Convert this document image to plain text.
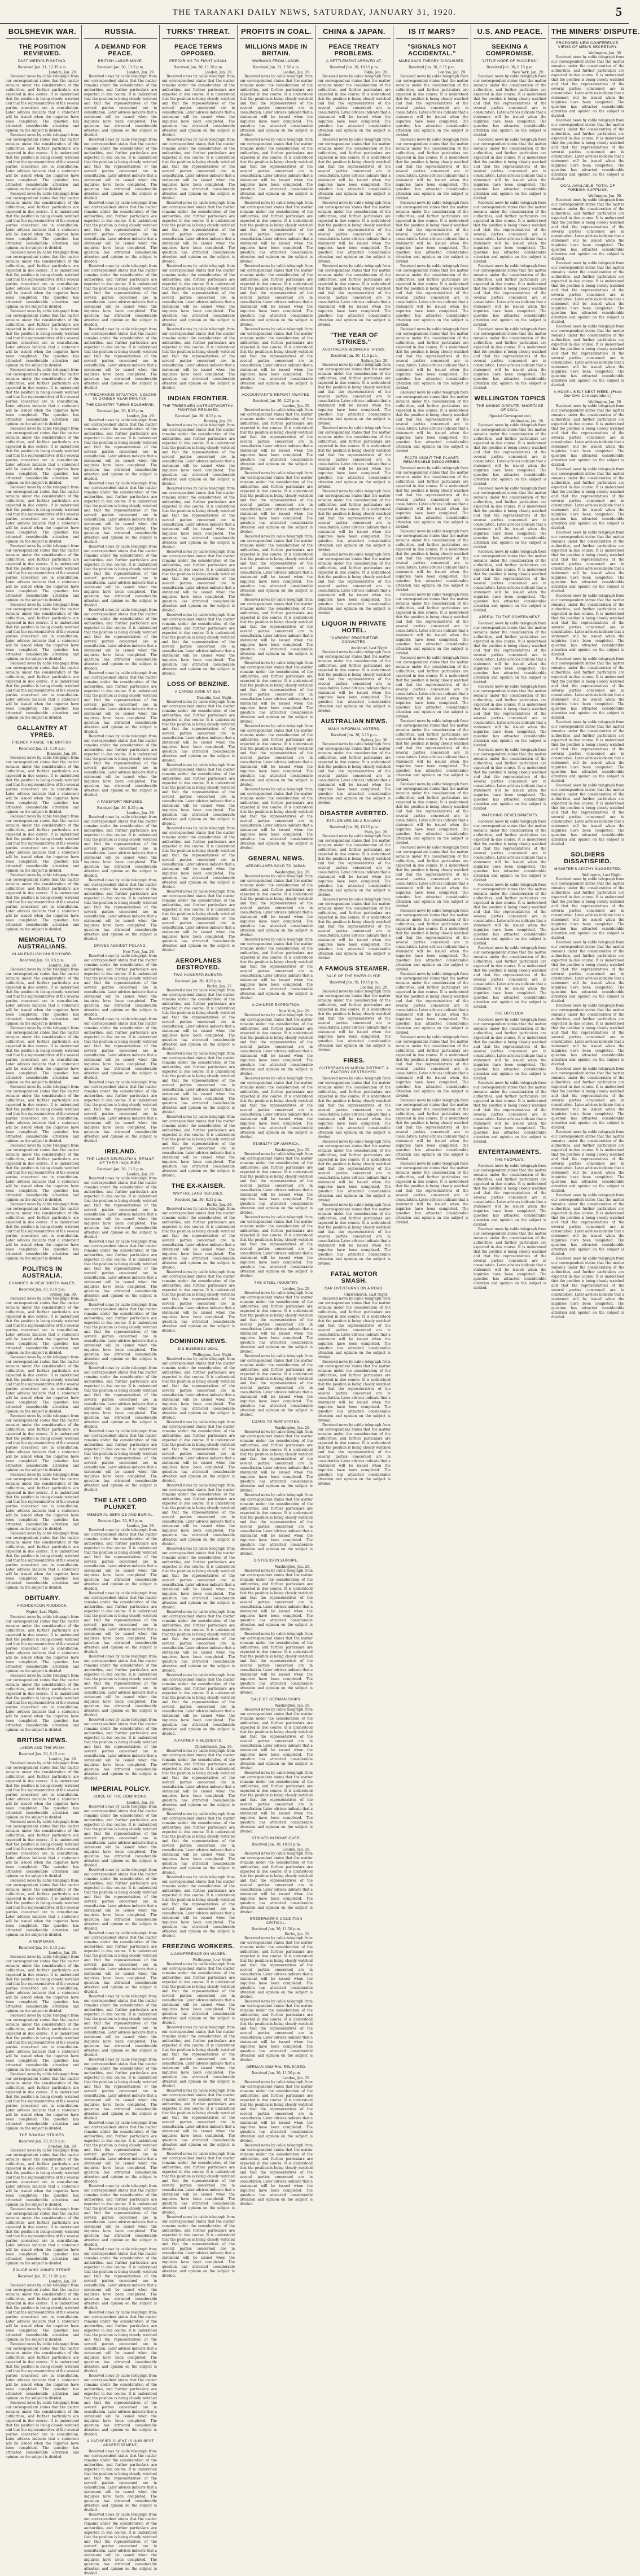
THE TARANAKI DAILY NEWS, SATURDAY, JANUARY 31, 1920.	5
BOLSHEVIK WAR.
THE POSITION REVIEWED.
PAST WEEK'S FIGHTING.
Received Jan. 31, 12.35 a.m.
London, Jan. 29.

Received news by cable telegraph from our correspondent states that the matter remains under the consideration of the authorities, and further particulars are expected in due course. It is understood that the position is being closely watched and that the representatives of the several parties concerned are in consultation. Later advices indicate that a statement will be issued when the inquiries have been completed. The question has attracted considerable attention and opinion on the subject is divided.

Received news by cable telegraph from our correspondent states that the matter remains under the consideration of the authorities, and further particulars are expected in due course. It is understood that the position is being closely watched and that the representatives of the several parties concerned are in consultation. Later advices indicate that a statement will be issued when the inquiries have been completed. The question has attracted considerable attention and opinion on the subject is divided.

Received news by cable telegraph from our correspondent states that the matter remains under the consideration of the authorities, and further particulars are expected in due course. It is understood that the position is being closely watched and that the representatives of the several parties concerned are in consultation. Later advices indicate that a statement will be issued when the inquiries have been completed. The question has attracted considerable attention and opinion on the subject is divided.

Received news by cable telegraph from our correspondent states that the matter remains under the consideration of the authorities, and further particulars are expected in due course. It is understood that the position is being closely watched and that the representatives of the several parties concerned are in consultation. Later advices indicate that a statement will be issued when the inquiries have been completed. The question has attracted considerable attention and opinion on the subject is divided.

Received news by cable telegraph from our correspondent states that the matter remains under the consideration of the authorities, and further particulars are expected in due course. It is understood that the position is being closely watched and that the representatives of the several parties concerned are in consultation. Later advices indicate that a statement will be issued when the inquiries have been completed. The question has attracted considerable attention and opinion on the subject is divided.

Received news by cable telegraph from our correspondent states that the matter remains under the consideration of the authorities, and further particulars are expected in due course. It is understood that the position is being closely watched and that the representatives of the several parties concerned are in consultation. Later advices indicate that a statement will be issued when the inquiries have been completed. The question has attracted considerable attention and opinion on the subject is divided.

Received news by cable telegraph from our correspondent states that the matter remains under the consideration of the authorities, and further particulars are expected in due course. It is understood that the position is being closely watched and that the representatives of the several parties concerned are in consultation. Later advices indicate that a statement will be issued when the inquiries have been completed. The question has attracted considerable attention and opinion on the subject is divided.

Received news by cable telegraph from our correspondent states that the matter remains under the consideration of the authorities, and further particulars are expected in due course. It is understood that the position is being closely watched and that the representatives of the several parties concerned are in consultation. Later advices indicate that a statement will be issued when the inquiries have been completed. The question has attracted considerable attention and opinion on the subject is divided.

Received news by cable telegraph from our correspondent states that the matter remains under the consideration of the authorities, and further particulars are expected in due course. It is understood that the position is being closely watched and that the representatives of the several parties concerned are in consultation. Later advices indicate that a statement will be issued when the inquiries have been completed. The question has attracted considerable attention and opinion on the subject is divided.

Received news by cable telegraph from our correspondent states that the matter remains under the consideration of the authorities, and further particulars are expected in due course. It is understood that the position is being closely watched and that the representatives of the several parties concerned are in consultation. Later advices indicate that a statement will be issued when the inquiries have been completed. The question has attracted considerable attention and opinion on the subject is divided.

Received news by cable telegraph from our correspondent states that the matter remains under the consideration of the authorities, and further particulars are expected in due course. It is understood that the position is being closely watched and that the representatives of the several parties concerned are in consultation. Later advices indicate that a statement will be issued when the inquiries have been completed. The question has attracted considerable attention and opinion on the subject is divided.

GALLANTRY AT YPRES.
FRENCH PRAISE THE BRITISH.
Received Jan. 31, 1.10 a.m.
Brussels, Jan. 29.

Received news by cable telegraph from our correspondent states that the matter remains under the consideration of the authorities, and further particulars are expected in due course. It is understood that the position is being closely watched and that the representatives of the several parties concerned are in consultation. Later advices indicate that a statement will be issued when the inquiries have been completed. The question has attracted considerable attention and opinion on the subject is divided.

Received news by cable telegraph from our correspondent states that the matter remains under the consideration of the authorities, and further particulars are expected in due course. It is understood that the position is being closely watched and that the representatives of the several parties concerned are in consultation. Later advices indicate that a statement will be issued when the inquiries have been completed. The question has attracted considerable attention and opinion on the subject is divided.

Received news by cable telegraph from our correspondent states that the matter remains under the consideration of the authorities, and further particulars are expected in due course. It is understood that the position is being closely watched and that the representatives of the several parties concerned are in consultation. Later advices indicate that a statement will be issued when the inquiries have been completed. The question has attracted considerable attention and opinion on the subject is divided.

MEMORIAL TO AUSTRALIANS.
IN AN ENGLISH CHURCHYARD.
Received Jan. 30, 9.5 p.m.
London, Jan. 29.

Received news by cable telegraph from our correspondent states that the matter remains under the consideration of the authorities, and further particulars are expected in due course. It is understood that the position is being closely watched and that the representatives of the several parties concerned are in consultation. Later advices indicate that a statement will be issued when the inquiries have been completed. The question has attracted considerable attention and opinion on the subject is divided.

Received news by cable telegraph from our correspondent states that the matter remains under the consideration of the authorities, and further particulars are expected in due course. It is understood that the position is being closely watched and that the representatives of the several parties concerned are in consultation. Later advices indicate that a statement will be issued when the inquiries have been completed. The question has attracted considerable attention and opinion on the subject is divided.

Received news by cable telegraph from our correspondent states that the matter remains under the consideration of the authorities, and further particulars are expected in due course. It is understood that the position is being closely watched and that the representatives of the several parties concerned are in consultation. Later advices indicate that a statement will be issued when the inquiries have been completed. The question has attracted considerable attention and opinion on the subject is divided.

Received news by cable telegraph from our correspondent states that the matter remains under the consideration of the authorities, and further particulars are expected in due course. It is understood that the position is being closely watched and that the representatives of the several parties concerned are in consultation. Later advices indicate that a statement will be issued when the inquiries have been completed. The question has attracted considerable attention and opinion on the subject is divided.

Received news by cable telegraph from our correspondent states that the matter remains under the consideration of the authorities, and further particulars are expected in due course. It is understood that the position is being closely watched and that the representatives of the several parties concerned are in consultation. Later advices indicate that a statement will be issued when the inquiries have been completed. The question has attracted considerable attention and opinion on the subject is divided.

POLITICS IN AUSTRALIA.
CHANGES IN NEW SOUTH WALES.
Received Jan. 30, 8.15 p.m.
Sydney, Jan. 30.

Received news by cable telegraph from our correspondent states that the matter remains under the consideration of the authorities, and further particulars are expected in due course. It is understood that the position is being closely watched and that the representatives of the several parties concerned are in consultation. Later advices indicate that a statement will be issued when the inquiries have been completed. The question has attracted considerable attention and opinion on the subject is divided.

Received news by cable telegraph from our correspondent states that the matter remains under the consideration of the authorities, and further particulars are expected in due course. It is understood that the position is being closely watched and that the representatives of the several parties concerned are in consultation. Later advices indicate that a statement will be issued when the inquiries have been completed. The question has attracted considerable attention and opinion on the subject is divided.

Received news by cable telegraph from our correspondent states that the matter remains under the consideration of the authorities, and further particulars are expected in due course. It is understood that the position is being closely watched and that the representatives of the several parties concerned are in consultation. Later advices indicate that a statement will be issued when the inquiries have been completed. The question has attracted considerable attention and opinion on the subject is divided.

Received news by cable telegraph from our correspondent states that the matter remains under the consideration of the authorities, and further particulars are expected in due course. It is understood that the position is being closely watched and that the representatives of the several parties concerned are in consultation. Later advices indicate that a statement will be issued when the inquiries have been completed. The question has attracted considerable attention and opinion on the subject is divided.

Received news by cable telegraph from our correspondent states that the matter remains under the consideration of the authorities, and further particulars are expected in due course. It is understood that the position is being closely watched and that the representatives of the several parties concerned are in consultation. Later advices indicate that a statement will be issued when the inquiries have been completed. The question has attracted considerable attention and opinion on the subject is divided.

OBITUARY.
ARCHDEACON RUDDOCK.
Napier, Last Night.

Received news by cable telegraph from our correspondent states that the matter remains under the consideration of the authorities, and further particulars are expected in due course. It is understood that the position is being closely watched and that the representatives of the several parties concerned are in consultation. Later advices indicate that a statement will be issued when the inquiries have been completed. The question has attracted considerable attention and opinion on the subject is divided.

Received news by cable telegraph from our correspondent states that the matter remains under the consideration of the authorities, and further particulars are expected in due course. It is understood that the position is being closely watched and that the representatives of the several parties concerned are in consultation. Later advices indicate that a statement will be issued when the inquiries have been completed. The question has attracted considerable attention and opinion on the subject is divided.

BRITISH NEWS.
LABOR AND THE IRISH.
Received Jan. 30, 8.15 p.m.
London, Jan. 29.

Received news by cable telegraph from our correspondent states that the matter remains under the consideration of the authorities, and further particulars are expected in due course. It is understood that the position is being closely watched and that the representatives of the several parties concerned are in consultation. Later advices indicate that a statement will be issued when the inquiries have been completed. The question has attracted considerable attention and opinion on the subject is divided.

Received news by cable telegraph from our correspondent states that the matter remains under the consideration of the authorities, and further particulars are expected in due course. It is understood that the position is being closely watched and that the representatives of the several parties concerned are in consultation. Later advices indicate that a statement will be issued when the inquiries have been completed. The question has attracted considerable attention and opinion on the subject is divided.

Received news by cable telegraph from our correspondent states that the matter remains under the consideration of the authorities, and further particulars are expected in due course. It is understood that the position is being closely watched and that the representatives of the several parties concerned are in consultation. Later advices indicate that a statement will be issued when the inquiries have been completed. The question has attracted considerable attention and opinion on the subject is divided.

A NEW BANK.
Received Jan. 30, 8.15 p.m.
London, Jan. 29.

Received news by cable telegraph from our correspondent states that the matter remains under the consideration of the authorities, and further particulars are expected in due course. It is understood that the position is being closely watched and that the representatives of the several parties concerned are in consultation. Later advices indicate that a statement will be issued when the inquiries have been completed. The question has attracted considerable attention and opinion on the subject is divided.

Received news by cable telegraph from our correspondent states that the matter remains under the consideration of the authorities, and further particulars are expected in due course. It is understood that the position is being closely watched and that the representatives of the several parties concerned are in consultation. Later advices indicate that a statement will be issued when the inquiries have been completed. The question has attracted considerable attention and opinion on the subject is divided.

Received news by cable telegraph from our correspondent states that the matter remains under the consideration of the authorities, and further particulars are expected in due course. It is understood that the position is being closely watched and that the representatives of the several parties concerned are in consultation. Later advices indicate that a statement will be issued when the inquiries have been completed. The question has attracted considerable attention and opinion on the subject is divided.

THE BOMBAY STRIKES.
Received Jan. 30, 8.15 p.m.
Bombay, Jan. 29.

Received news by cable telegraph from our correspondent states that the matter remains under the consideration of the authorities, and further particulars are expected in due course. It is understood that the position is being closely watched and that the representatives of the several parties concerned are in consultation. Later advices indicate that a statement will be issued when the inquiries have been completed. The question has attracted considerable attention and opinion on the subject is divided.

Received news by cable telegraph from our correspondent states that the matter remains under the consideration of the authorities, and further particulars are expected in due course. It is understood that the position is being closely watched and that the representatives of the several parties concerned are in consultation. Later advices indicate that a statement will be issued when the inquiries have been completed. The question has attracted considerable attention and opinion on the subject is divided.

POLICE WHO JOINED STRIKE.
Received Jan. 30, 11.50 p.m.
London, Jan. 29.

Received news by cable telegraph from our correspondent states that the matter remains under the consideration of the authorities, and further particulars are expected in due course. It is understood that the position is being closely watched and that the representatives of the several parties concerned are in consultation. Later advices indicate that a statement will be issued when the inquiries have been completed. The question has attracted considerable attention and opinion on the subject is divided.

Received news by cable telegraph from our correspondent states that the matter remains under the consideration of the authorities, and further particulars are expected in due course. It is understood that the position is being closely watched and that the representatives of the several parties concerned are in consultation. Later advices indicate that a statement will be issued when the inquiries have been completed. The question has attracted considerable attention and opinion on the subject is divided.

Received news by cable telegraph from our correspondent states that the matter remains under the consideration of the authorities, and further particulars are expected in due course. It is understood that the position is being closely watched and that the representatives of the several parties concerned are in consultation. Later advices indicate that a statement will be issued when the inquiries have been completed. The question has attracted considerable attention and opinion on the subject is divided.

RUSSIA.
A DEMAND FOR PEACE.
BRITISH LABOR MOVE.
Received Jan. 30, 11.5 p.m.
London, Jan. 29.

Received news by cable telegraph from our correspondent states that the matter remains under the consideration of the authorities, and further particulars are expected in due course. It is understood that the position is being closely watched and that the representatives of the several parties concerned are in consultation. Later advices indicate that a statement will be issued when the inquiries have been completed. The question has attracted considerable attention and opinion on the subject is divided.

Received news by cable telegraph from our correspondent states that the matter remains under the consideration of the authorities, and further particulars are expected in due course. It is understood that the position is being closely watched and that the representatives of the several parties concerned are in consultation. Later advices indicate that a statement will be issued when the inquiries have been completed. The question has attracted considerable attention and opinion on the subject is divided.

Received news by cable telegraph from our correspondent states that the matter remains under the consideration of the authorities, and further particulars are expected in due course. It is understood that the position is being closely watched and that the representatives of the several parties concerned are in consultation. Later advices indicate that a statement will be issued when the inquiries have been completed. The question has attracted considerable attention and opinion on the subject is divided.

Received news by cable telegraph from our correspondent states that the matter remains under the consideration of the authorities, and further particulars are expected in due course. It is understood that the position is being closely watched and that the representatives of the several parties concerned are in consultation. Later advices indicate that a statement will be issued when the inquiries have been completed. The question has attracted considerable attention and opinion on the subject is divided.

Received news by cable telegraph from our correspondent states that the matter remains under the consideration of the authorities, and further particulars are expected in due course. It is understood that the position is being closely watched and that the representatives of the several parties concerned are in consultation. Later advices indicate that a statement will be issued when the inquiries have been completed. The question has attracted considerable attention and opinion on the subject is divided.

A PRECARIOUS SITUATION. CZECHS IN DANGER NEAR IRKUTSK.
THE COUNTRY TURNS BOLSHEVIK.
Received Jan. 30, 8.15 p.m.
London, Jan. 29.

Received news by cable telegraph from our correspondent states that the matter remains under the consideration of the authorities, and further particulars are expected in due course. It is understood that the position is being closely watched and that the representatives of the several parties concerned are in consultation. Later advices indicate that a statement will be issued when the inquiries have been completed. The question has attracted considerable attention and opinion on the subject is divided.

Received news by cable telegraph from our correspondent states that the matter remains under the consideration of the authorities, and further particulars are expected in due course. It is understood that the position is being closely watched and that the representatives of the several parties concerned are in consultation. Later advices indicate that a statement will be issued when the inquiries have been completed. The question has attracted considerable attention and opinion on the subject is divided.

Received news by cable telegraph from our correspondent states that the matter remains under the consideration of the authorities, and further particulars are expected in due course. It is understood that the position is being closely watched and that the representatives of the several parties concerned are in consultation. Later advices indicate that a statement will be issued when the inquiries have been completed. The question has attracted considerable attention and opinion on the subject is divided.

Received news by cable telegraph from our correspondent states that the matter remains under the consideration of the authorities, and further particulars are expected in due course. It is understood that the position is being closely watched and that the representatives of the several parties concerned are in consultation. Later advices indicate that a statement will be issued when the inquiries have been completed. The question has attracted considerable attention and opinion on the subject is divided.

Received news by cable telegraph from our correspondent states that the matter remains under the consideration of the authorities, and further particulars are expected in due course. It is understood that the position is being closely watched and that the representatives of the several parties concerned are in consultation. Later advices indicate that a statement will be issued when the inquiries have been completed. The question has attracted considerable attention and opinion on the subject is divided.

Received news by cable telegraph from our correspondent states that the matter remains under the consideration of the authorities, and further particulars are expected in due course. It is understood that the position is being closely watched and that the representatives of the several parties concerned are in consultation. Later advices indicate that a statement will be issued when the inquiries have been completed. The question has attracted considerable attention and opinion on the subject is divided.

A PASSPORT REFUSED.
Received Jan. 30, 8.15 p.m.
London, Jan. 29.

Received news by cable telegraph from our correspondent states that the matter remains under the consideration of the authorities, and further particulars are expected in due course. It is understood that the position is being closely watched and that the representatives of the several parties concerned are in consultation. Later advices indicate that a statement will be issued when the inquiries have been completed. The question has attracted considerable attention and opinion on the subject is divided.

Received news by cable telegraph from our correspondent states that the matter remains under the consideration of the authorities, and further particulars are expected in due course. It is understood that the position is being closely watched and that the representatives of the several parties concerned are in consultation. Later advices indicate that a statement will be issued when the inquiries have been completed. The question has attracted considerable attention and opinion on the subject is divided.

DRIVES AGAINST POLAND.
New York, Jan. 29.

Received news by cable telegraph from our correspondent states that the matter remains under the consideration of the authorities, and further particulars are expected in due course. It is understood that the position is being closely watched and that the representatives of the several parties concerned are in consultation. Later advices indicate that a statement will be issued when the inquiries have been completed. The question has attracted considerable attention and opinion on the subject is divided.

Received news by cable telegraph from our correspondent states that the matter remains under the consideration of the authorities, and further particulars are expected in due course. It is understood that the position is being closely watched and that the representatives of the several parties concerned are in consultation. Later advices indicate that a statement will be issued when the inquiries have been completed. The question has attracted considerable attention and opinion on the subject is divided.

Received news by cable telegraph from our correspondent states that the matter remains under the consideration of the authorities, and further particulars are expected in due course. It is understood that the position is being closely watched and that the representatives of the several parties concerned are in consultation. Later advices indicate that a statement will be issued when the inquiries have been completed. The question has attracted considerable attention and opinion on the subject is divided.

IRELAND.
THE LABOR DELEGATION. RESULT OF THEIR INQUIRIES.
Received Jan. 30, 11.5 p.m.
London, Jan. 29.

Received news by cable telegraph from our correspondent states that the matter remains under the consideration of the authorities, and further particulars are expected in due course. It is understood that the position is being closely watched and that the representatives of the several parties concerned are in consultation. Later advices indicate that a statement will be issued when the inquiries have been completed. The question has attracted considerable attention and opinion on the subject is divided.

Received news by cable telegraph from our correspondent states that the matter remains under the consideration of the authorities, and further particulars are expected in due course. It is understood that the position is being closely watched and that the representatives of the several parties concerned are in consultation. Later advices indicate that a statement will be issued when the inquiries have been completed. The question has attracted considerable attention and opinion on the subject is divided.

Received news by cable telegraph from our correspondent states that the matter remains under the consideration of the authorities, and further particulars are expected in due course. It is understood that the position is being closely watched and that the representatives of the several parties concerned are in consultation. Later advices indicate that a statement will be issued when the inquiries have been completed. The question has attracted considerable attention and opinion on the subject is divided.

Received news by cable telegraph from our correspondent states that the matter remains under the consideration of the authorities, and further particulars are expected in due course. It is understood that the position is being closely watched and that the representatives of the several parties concerned are in consultation. Later advices indicate that a statement will be issued when the inquiries have been completed. The question has attracted considerable attention and opinion on the subject is divided.

Received news by cable telegraph from our correspondent states that the matter remains under the consideration of the authorities, and further particulars are expected in due course. It is understood that the position is being closely watched and that the representatives of the several parties concerned are in consultation. Later advices indicate that a statement will be issued when the inquiries have been completed. The question has attracted considerable attention and opinion on the subject is divided.

THE LATE LORD PLUNKET.
MEMORIAL SERVICE AND BURIAL.
Received Jan. 30, 9.5 p.m.
London, Jan. 29.

Received news by cable telegraph from our correspondent states that the matter remains under the consideration of the authorities, and further particulars are expected in due course. It is understood that the position is being closely watched and that the representatives of the several parties concerned are in consultation. Later advices indicate that a statement will be issued when the inquiries have been completed. The question has attracted considerable attention and opinion on the subject is divided.

Received news by cable telegraph from our correspondent states that the matter remains under the consideration of the authorities, and further particulars are expected in due course. It is understood that the position is being closely watched and that the representatives of the several parties concerned are in consultation. Later advices indicate that a statement will be issued when the inquiries have been completed. The question has attracted considerable attention and opinion on the subject is divided.

Received news by cable telegraph from our correspondent states that the matter remains under the consideration of the authorities, and further particulars are expected in due course. It is understood that the position is being closely watched and that the representatives of the several parties concerned are in consultation. Later advices indicate that a statement will be issued when the inquiries have been completed. The question has attracted considerable attention and opinion on the subject is divided.

Received news by cable telegraph from our correspondent states that the matter remains under the consideration of the authorities, and further particulars are expected in due course. It is understood that the position is being closely watched and that the representatives of the several parties concerned are in consultation. Later advices indicate that a statement will be issued when the inquiries have been completed. The question has attracted considerable attention and opinion on the subject is divided.

IMPERIAL POLICY.
VOICE OF THE DOMINIONS.
London, Jan. 29.

Received news by cable telegraph from our correspondent states that the matter remains under the consideration of the authorities, and further particulars are expected in due course. It is understood that the position is being closely watched and that the representatives of the several parties concerned are in consultation. Later advices indicate that a statement will be issued when the inquiries have been completed. The question has attracted considerable attention and opinion on the subject is divided.

Received news by cable telegraph from our correspondent states that the matter remains under the consideration of the authorities, and further particulars are expected in due course. It is understood that the position is being closely watched and that the representatives of the several parties concerned are in consultation. Later advices indicate that a statement will be issued when the inquiries have been completed. The question has attracted considerable attention and opinion on the subject is divided.

Received news by cable telegraph from our correspondent states that the matter remains under the consideration of the authorities, and further particulars are expected in due course. It is understood that the position is being closely watched and that the representatives of the several parties concerned are in consultation. Later advices indicate that a statement will be issued when the inquiries have been completed. The question has attracted considerable attention and opinion on the subject is divided.

Received news by cable telegraph from our correspondent states that the matter remains under the consideration of the authorities, and further particulars are expected in due course. It is understood that the position is being closely watched and that the representatives of the several parties concerned are in consultation. Later advices indicate that a statement will be issued when the inquiries have been completed. The question has attracted considerable attention and opinion on the subject is divided.

Received news by cable telegraph from our correspondent states that the matter remains under the consideration of the authorities, and further particulars are expected in due course. It is understood that the position is being closely watched and that the representatives of the several parties concerned are in consultation. Later advices indicate that a statement will be issued when the inquiries have been completed. The question has attracted considerable attention and opinion on the subject is divided.

Received news by cable telegraph from our correspondent states that the matter remains under the consideration of the authorities, and further particulars are expected in due course. It is understood that the position is being closely watched and that the representatives of the several parties concerned are in consultation. Later advices indicate that a statement will be issued when the inquiries have been completed. The question has attracted considerable attention and opinion on the subject is divided.

Received news by cable telegraph from our correspondent states that the matter remains under the consideration of the authorities, and further particulars are expected in due course. It is understood that the position is being closely watched and that the representatives of the several parties concerned are in consultation. Later advices indicate that a statement will be issued when the inquiries have been completed. The question has attracted considerable attention and opinion on the subject is divided.

Received news by cable telegraph from our correspondent states that the matter remains under the consideration of the authorities, and further particulars are expected in due course. It is understood that the position is being closely watched and that the representatives of the several parties concerned are in consultation. Later advices indicate that a statement will be issued when the inquiries have been completed. The question has attracted considerable attention and opinion on the subject is divided.

Received news by cable telegraph from our correspondent states that the matter remains under the consideration of the authorities, and further particulars are expected in due course. It is understood that the position is being closely watched and that the representatives of the several parties concerned are in consultation. Later advices indicate that a statement will be issued when the inquiries have been completed. The question has attracted considerable attention and opinion on the subject is divided.

Received news by cable telegraph from our correspondent states that the matter remains under the consideration of the authorities, and further particulars are expected in due course. It is understood that the position is being closely watched and that the representatives of the several parties concerned are in consultation. Later advices indicate that a statement will be issued when the inquiries have been completed. The question has attracted considerable attention and opinion on the subject is divided.

A SATISFIED CLIENT IS OUR BEST ADVERTISEMENT,

Received news by cable telegraph from our correspondent states that the matter remains under the consideration of the authorities, and further particulars are expected in due course. It is understood that the position is being closely watched and that the representatives of the several parties concerned are in consultation. Later advices indicate that a statement will be issued when the inquiries have been completed. The question has attracted considerable attention and opinion on the subject is divided.

Received news by cable telegraph from our correspondent states that the matter remains under the consideration of the authorities, and further particulars are expected in due course. It is understood that the position is being closely watched and that the representatives of the several parties concerned are in consultation. Later advices indicate that a statement will be issued when the inquiries have been completed. The question has attracted considerable attention and opinion on the subject is divided.

TURKS' THREAT.
PEACE TERMS OPPOSED.
PREPARING TO FIGHT AGAIN.
Received Jan. 30, 11.50 p.m.
London, Jan. 29.

Received news by cable telegraph from our correspondent states that the matter remains under the consideration of the authorities, and further particulars are expected in due course. It is understood that the position is being closely watched and that the representatives of the several parties concerned are in consultation. Later advices indicate that a statement will be issued when the inquiries have been completed. The question has attracted considerable attention and opinion on the subject is divided.

Received news by cable telegraph from our correspondent states that the matter remains under the consideration of the authorities, and further particulars are expected in due course. It is understood that the position is being closely watched and that the representatives of the several parties concerned are in consultation. Later advices indicate that a statement will be issued when the inquiries have been completed. The question has attracted considerable attention and opinion on the subject is divided.

Received news by cable telegraph from our correspondent states that the matter remains under the consideration of the authorities, and further particulars are expected in due course. It is understood that the position is being closely watched and that the representatives of the several parties concerned are in consultation. Later advices indicate that a statement will be issued when the inquiries have been completed. The question has attracted considerable attention and opinion on the subject is divided.

Received news by cable telegraph from our correspondent states that the matter remains under the consideration of the authorities, and further particulars are expected in due course. It is understood that the position is being closely watched and that the representatives of the several parties concerned are in consultation. Later advices indicate that a statement will be issued when the inquiries have been completed. The question has attracted considerable attention and opinion on the subject is divided.

Received news by cable telegraph from our correspondent states that the matter remains under the consideration of the authorities, and further particulars are expected in due course. It is understood that the position is being closely watched and that the representatives of the several parties concerned are in consultation. Later advices indicate that a statement will be issued when the inquiries have been completed. The question has attracted considerable attention and opinion on the subject is divided.

INDIAN FRONTIER.
THE TRIBESMEN UNTRUSTWORTHY. FIGHTING RESUMED.
Received Jan. 30, 8.15 p.m.
Bombay, Jan. 29.

Received news by cable telegraph from our correspondent states that the matter remains under the consideration of the authorities, and further particulars are expected in due course. It is understood that the position is being closely watched and that the representatives of the several parties concerned are in consultation. Later advices indicate that a statement will be issued when the inquiries have been completed. The question has attracted considerable attention and opinion on the subject is divided.

Received news by cable telegraph from our correspondent states that the matter remains under the consideration of the authorities, and further particulars are expected in due course. It is understood that the position is being closely watched and that the representatives of the several parties concerned are in consultation. Later advices indicate that a statement will be issued when the inquiries have been completed. The question has attracted considerable attention and opinion on the subject is divided.

Received news by cable telegraph from our correspondent states that the matter remains under the consideration of the authorities, and further particulars are expected in due course. It is understood that the position is being closely watched and that the representatives of the several parties concerned are in consultation. Later advices indicate that a statement will be issued when the inquiries have been completed. The question has attracted considerable attention and opinion on the subject is divided.

Received news by cable telegraph from our correspondent states that the matter remains under the consideration of the authorities, and further particulars are expected in due course. It is understood that the position is being closely watched and that the representatives of the several parties concerned are in consultation. Later advices indicate that a statement will be issued when the inquiries have been completed. The question has attracted considerable attention and opinion on the subject is divided.

LOSS OF BENZINE.
A CARGO SUNK AT SEA.
Dunedin, Last Night.

Received news by cable telegraph from our correspondent states that the matter remains under the consideration of the authorities, and further particulars are expected in due course. It is understood that the position is being closely watched and that the representatives of the several parties concerned are in consultation. Later advices indicate that a statement will be issued when the inquiries have been completed. The question has attracted considerable attention and opinion on the subject is divided.

Received news by cable telegraph from our correspondent states that the matter remains under the consideration of the authorities, and further particulars are expected in due course. It is understood that the position is being closely watched and that the representatives of the several parties concerned are in consultation. Later advices indicate that a statement will be issued when the inquiries have been completed. The question has attracted considerable attention and opinion on the subject is divided.

Received news by cable telegraph from our correspondent states that the matter remains under the consideration of the authorities, and further particulars are expected in due course. It is understood that the position is being closely watched and that the representatives of the several parties concerned are in consultation. Later advices indicate that a statement will be issued when the inquiries have been completed. The question has attracted considerable attention and opinion on the subject is divided.

Received news by cable telegraph from our correspondent states that the matter remains under the consideration of the authorities, and further particulars are expected in due course. It is understood that the position is being closely watched and that the representatives of the several parties concerned are in consultation. Later advices indicate that a statement will be issued when the inquiries have been completed. The question has attracted considerable attention and opinion on the subject is divided.

AEROPLANES DESTROYED.
TWO HUNDRED BURNED.
Received Jan. 30, 8.15 p.m.
Berlin, Jan. 27.

Received news by cable telegraph from our correspondent states that the matter remains under the consideration of the authorities, and further particulars are expected in due course. It is understood that the position is being closely watched and that the representatives of the several parties concerned are in consultation. Later advices indicate that a statement will be issued when the inquiries have been completed. The question has attracted considerable attention and opinion on the subject is divided.

Received news by cable telegraph from our correspondent states that the matter remains under the consideration of the authorities, and further particulars are expected in due course. It is understood that the position is being closely watched and that the representatives of the several parties concerned are in consultation. Later advices indicate that a statement will be issued when the inquiries have been completed. The question has attracted considerable attention and opinion on the subject is divided.

Received news by cable telegraph from our correspondent states that the matter remains under the consideration of the authorities, and further particulars are expected in due course. It is understood that the position is being closely watched and that the representatives of the several parties concerned are in consultation. Later advices indicate that a statement will be issued when the inquiries have been completed. The question has attracted considerable attention and opinion on the subject is divided.

THE EX-KAISER.
WHY HOLLAND REFUSES.
Received Jan. 30, 8.15 p.m.
Berlin, Jan. 29.

Received news by cable telegraph from our correspondent states that the matter remains under the consideration of the authorities, and further particulars are expected in due course. It is understood that the position is being closely watched and that the representatives of the several parties concerned are in consultation. Later advices indicate that a statement will be issued when the inquiries have been completed. The question has attracted considerable attention and opinion on the subject is divided.

Received news by cable telegraph from our correspondent states that the matter remains under the consideration of the authorities, and further particulars are expected in due course. It is understood that the position is being closely watched and that the representatives of the several parties concerned are in consultation. Later advices indicate that a statement will be issued when the inquiries have been completed. The question has attracted considerable attention and opinion on the subject is divided.

DOMINION NEWS.
BIG BUSINESS DEAL.
Wellington, Last Night.

Received news by cable telegraph from our correspondent states that the matter remains under the consideration of the authorities, and further particulars are expected in due course. It is understood that the position is being closely watched and that the representatives of the several parties concerned are in consultation. Later advices indicate that a statement will be issued when the inquiries have been completed. The question has attracted considerable attention and opinion on the subject is divided.

Received news by cable telegraph from our correspondent states that the matter remains under the consideration of the authorities, and further particulars are expected in due course. It is understood that the position is being closely watched and that the representatives of the several parties concerned are in consultation. Later advices indicate that a statement will be issued when the inquiries have been completed. The question has attracted considerable attention and opinion on the subject is divided.

Received news by cable telegraph from our correspondent states that the matter remains under the consideration of the authorities, and further particulars are expected in due course. It is understood that the position is being closely watched and that the representatives of the several parties concerned are in consultation. Later advices indicate that a statement will be issued when the inquiries have been completed. The question has attracted considerable attention and opinion on the subject is divided.

Received news by cable telegraph from our correspondent states that the matter remains under the consideration of the authorities, and further particulars are expected in due course. It is understood that the position is being closely watched and that the representatives of the several parties concerned are in consultation. Later advices indicate that a statement will be issued when the inquiries have been completed. The question has attracted considerable attention and opinion on the subject is divided.

Received news by cable telegraph from our correspondent states that the matter remains under the consideration of the authorities, and further particulars are expected in due course. It is understood that the position is being closely watched and that the representatives of the several parties concerned are in consultation. Later advices indicate that a statement will be issued when the inquiries have been completed. The question has attracted considerable attention and opinion on the subject is divided.

Received news by cable telegraph from our correspondent states that the matter remains under the consideration of the authorities, and further particulars are expected in due course. It is understood that the position is being closely watched and that the representatives of the several parties concerned are in consultation. Later advices indicate that a statement will be issued when the inquiries have been completed. The question has attracted considerable attention and opinion on the subject is divided.

A FARMER'S BEQUESTS.
Christchurch, Jan. 30.

Received news by cable telegraph from our correspondent states that the matter remains under the consideration of the authorities, and further particulars are expected in due course. It is understood that the position is being closely watched and that the representatives of the several parties concerned are in consultation. Later advices indicate that a statement will be issued when the inquiries have been completed. The question has attracted considerable attention and opinion on the subject is divided.

Received news by cable telegraph from our correspondent states that the matter remains under the consideration of the authorities, and further particulars are expected in due course. It is understood that the position is being closely watched and that the representatives of the several parties concerned are in consultation. Later advices indicate that a statement will be issued when the inquiries have been completed. The question has attracted considerable attention and opinion on the subject is divided.

Received news by cable telegraph from our correspondent states that the matter remains under the consideration of the authorities, and further particulars are expected in due course. It is understood that the position is being closely watched and that the representatives of the several parties concerned are in consultation. Later advices indicate that a statement will be issued when the inquiries have been completed. The question has attracted considerable attention and opinion on the subject is divided.

FREEZING WORKERS.
A CONFERENCE ON WAGES.
Wellington, Last Night.

Received news by cable telegraph from our correspondent states that the matter remains under the consideration of the authorities, and further particulars are expected in due course. It is understood that the position is being closely watched and that the representatives of the several parties concerned are in consultation. Later advices indicate that a statement will be issued when the inquiries have been completed. The question has attracted considerable attention and opinion on the subject is divided.

Received news by cable telegraph from our correspondent states that the matter remains under the consideration of the authorities, and further particulars are expected in due course. It is understood that the position is being closely watched and that the representatives of the several parties concerned are in consultation. Later advices indicate that a statement will be issued when the inquiries have been completed. The question has attracted considerable attention and opinion on the subject is divided.

Received news by cable telegraph from our correspondent states that the matter remains under the consideration of the authorities, and further particulars are expected in due course. It is understood that the position is being closely watched and that the representatives of the several parties concerned are in consultation. Later advices indicate that a statement will be issued when the inquiries have been completed. The question has attracted considerable attention and opinion on the subject is divided.

Received news by cable telegraph from our correspondent states that the matter remains under the consideration of the authorities, and further particulars are expected in due course. It is understood that the position is being closely watched and that the representatives of the several parties concerned are in consultation. Later advices indicate that a statement will be issued when the inquiries have been completed. The question has attracted considerable attention and opinion on the subject is divided.

Received news by cable telegraph from our correspondent states that the matter remains under the consideration of the authorities, and further particulars are expected in due course. It is understood that the position is being closely watched and that the representatives of the several parties concerned are in consultation. Later advices indicate that a statement will be issued when the inquiries have been completed. The question has attracted considerable attention and opinion on the subject is divided.

PROFITS IN COAL.
MILLIONS MADE IN BRITAIN.
WARNING FROM LABOR.
Received Jan. 31, 1.50 a.m.
London, Jan. 29.

Received news by cable telegraph from our correspondent states that the matter remains under the consideration of the authorities, and further particulars are expected in due course. It is understood that the position is being closely watched and that the representatives of the several parties concerned are in consultation. Later advices indicate that a statement will be issued when the inquiries have been completed. The question has attracted considerable attention and opinion on the subject is divided.

Received news by cable telegraph from our correspondent states that the matter remains under the consideration of the authorities, and further particulars are expected in due course. It is understood that the position is being closely watched and that the representatives of the several parties concerned are in consultation. Later advices indicate that a statement will be issued when the inquiries have been completed. The question has attracted considerable attention and opinion on the subject is divided.

Received news by cable telegraph from our correspondent states that the matter remains under the consideration of the authorities, and further particulars are expected in due course. It is understood that the position is being closely watched and that the representatives of the several parties concerned are in consultation. Later advices indicate that a statement will be issued when the inquiries have been completed. The question has attracted considerable attention and opinion on the subject is divided.

Received news by cable telegraph from our correspondent states that the matter remains under the consideration of the authorities, and further particulars are expected in due course. It is understood that the position is being closely watched and that the representatives of the several parties concerned are in consultation. Later advices indicate that a statement will be issued when the inquiries have been completed. The question has attracted considerable attention and opinion on the subject is divided.

Received news by cable telegraph from our correspondent states that the matter remains under the consideration of the authorities, and further particulars are expected in due course. It is understood that the position is being closely watched and that the representatives of the several parties concerned are in consultation. Later advices indicate that a statement will be issued when the inquiries have been completed. The question has attracted considerable attention and opinion on the subject is divided.

ACCOUNTANT'S REPORT AWAITED.
Received Jan. 30, 2.25 p.m.
London, Jan. 29.

Received news by cable telegraph from our correspondent states that the matter remains under the consideration of the authorities, and further particulars are expected in due course. It is understood that the position is being closely watched and that the representatives of the several parties concerned are in consultation. Later advices indicate that a statement will be issued when the inquiries have been completed. The question has attracted considerable attention and opinion on the subject is divided.

Received news by cable telegraph from our correspondent states that the matter remains under the consideration of the authorities, and further particulars are expected in due course. It is understood that the position is being closely watched and that the representatives of the several parties concerned are in consultation. Later advices indicate that a statement will be issued when the inquiries have been completed. The question has attracted considerable attention and opinion on the subject is divided.

Received news by cable telegraph from our correspondent states that the matter remains under the consideration of the authorities, and further particulars are expected in due course. It is understood that the position is being closely watched and that the representatives of the several parties concerned are in consultation. Later advices indicate that a statement will be issued when the inquiries have been completed. The question has attracted considerable attention and opinion on the subject is divided.

Received news by cable telegraph from our correspondent states that the matter remains under the consideration of the authorities, and further particulars are expected in due course. It is understood that the position is being closely watched and that the representatives of the several parties concerned are in consultation. Later advices indicate that a statement will be issued when the inquiries have been completed. The question has attracted considerable attention and opinion on the subject is divided.

Received news by cable telegraph from our correspondent states that the matter remains under the consideration of the authorities, and further particulars are expected in due course. It is understood that the position is being closely watched and that the representatives of the several parties concerned are in consultation. Later advices indicate that a statement will be issued when the inquiries have been completed. The question has attracted considerable attention and opinion on the subject is divided.

Received news by cable telegraph from our correspondent states that the matter remains under the consideration of the authorities, and further particulars are expected in due course. It is understood that the position is being closely watched and that the representatives of the several parties concerned are in consultation. Later advices indicate that a statement will be issued when the inquiries have been completed. The question has attracted considerable attention and opinion on the subject is divided.

Received news by cable telegraph from our correspondent states that the matter remains under the consideration of the authorities, and further particulars are expected in due course. It is understood that the position is being closely watched and that the representatives of the several parties concerned are in consultation. Later advices indicate that a statement will be issued when the inquiries have been completed. The question has attracted considerable attention and opinion on the subject is divided.

GENERAL NEWS.
AEROPLANES SOLD TO JAPAN.
Washington, Jan. 29.

Received news by cable telegraph from our correspondent states that the matter remains under the consideration of the authorities, and further particulars are expected in due course. It is understood that the position is being closely watched and that the representatives of the several parties concerned are in consultation. Later advices indicate that a statement will be issued when the inquiries have been completed. The question has attracted considerable attention and opinion on the subject is divided.

Received news by cable telegraph from our correspondent states that the matter remains under the consideration of the authorities, and further particulars are expected in due course. It is understood that the position is being closely watched and that the representatives of the several parties concerned are in consultation. Later advices indicate that a statement will be issued when the inquiries have been completed. The question has attracted considerable attention and opinion on the subject is divided.

A CHINESE EXPEDITION.
New York, Jan. 29.

Received news by cable telegraph from our correspondent states that the matter remains under the consideration of the authorities, and further particulars are expected in due course. It is understood that the position is being closely watched and that the representatives of the several parties concerned are in consultation. Later advices indicate that a statement will be issued when the inquiries have been completed. The question has attracted considerable attention and opinion on the subject is divided.

Received news by cable telegraph from our correspondent states that the matter remains under the consideration of the authorities, and further particulars are expected in due course. It is understood that the position is being closely watched and that the representatives of the several parties concerned are in consultation. Later advices indicate that a statement will be issued when the inquiries have been completed. The question has attracted considerable attention and opinion on the subject is divided.

STABILITY OF AMERICA.
Washington, Jan. 29.

Received news by cable telegraph from our correspondent states that the matter remains under the consideration of the authorities, and further particulars are expected in due course. It is understood that the position is being closely watched and that the representatives of the several parties concerned are in consultation. Later advices indicate that a statement will be issued when the inquiries have been completed. The question has attracted considerable attention and opinion on the subject is divided.

Received news by cable telegraph from our correspondent states that the matter remains under the consideration of the authorities, and further particulars are expected in due course. It is understood that the position is being closely watched and that the representatives of the several parties concerned are in consultation. Later advices indicate that a statement will be issued when the inquiries have been completed. The question has attracted considerable attention and opinion on the subject is divided.

THE STEEL INDUSTRY.
London, Jan. 29.

Received news by cable telegraph from our correspondent states that the matter remains under the consideration of the authorities, and further particulars are expected in due course. It is understood that the position is being closely watched and that the representatives of the several parties concerned are in consultation. Later advices indicate that a statement will be issued when the inquiries have been completed. The question has attracted considerable attention and opinion on the subject is divided.

Received news by cable telegraph from our correspondent states that the matter remains under the consideration of the authorities, and further particulars are expected in due course. It is understood that the position is being closely watched and that the representatives of the several parties concerned are in consultation. Later advices indicate that a statement will be issued when the inquiries have been completed. The question has attracted considerable attention and opinion on the subject is divided.

LOANS TO NEW STATES.
Washington, Jan. 29.

Received news by cable telegraph from our correspondent states that the matter remains under the consideration of the authorities, and further particulars are expected in due course. It is understood that the position is being closely watched and that the representatives of the several parties concerned are in consultation. Later advices indicate that a statement will be issued when the inquiries have been completed. The question has attracted considerable attention and opinion on the subject is divided.

Received news by cable telegraph from our correspondent states that the matter remains under the consideration of the authorities, and further particulars are expected in due course. It is understood that the position is being closely watched and that the representatives of the several parties concerned are in consultation. Later advices indicate that a statement will be issued when the inquiries have been completed. The question has attracted considerable attention and opinion on the subject is divided.

DISTRESS IN EUROPE.
Washington, Jan. 29.

Received news by cable telegraph from our correspondent states that the matter remains under the consideration of the authorities, and further particulars are expected in due course. It is understood that the position is being closely watched and that the representatives of the several parties concerned are in consultation. Later advices indicate that a statement will be issued when the inquiries have been completed. The question has attracted considerable attention and opinion on the subject is divided.

Received news by cable telegraph from our correspondent states that the matter remains under the consideration of the authorities, and further particulars are expected in due course. It is understood that the position is being closely watched and that the representatives of the several parties concerned are in consultation. Later advices indicate that a statement will be issued when the inquiries have been completed. The question has attracted considerable attention and opinion on the subject is divided.

SALE OF GERMAN SHIPS.
Washington, Jan. 29.

Received news by cable telegraph from our correspondent states that the matter remains under the consideration of the authorities, and further particulars are expected in due course. It is understood that the position is being closely watched and that the representatives of the several parties concerned are in consultation. Later advices indicate that a statement will be issued when the inquiries have been completed. The question has attracted considerable attention and opinion on the subject is divided.

Received news by cable telegraph from our correspondent states that the matter remains under the consideration of the authorities, and further particulars are expected in due course. It is understood that the position is being closely watched and that the representatives of the several parties concerned are in consultation. Later advices indicate that a statement will be issued when the inquiries have been completed. The question has attracted considerable attention and opinion on the subject is divided.

STRIKES IN ROME OVER.
Received Jan. 30, 10.15 p.m.
London, Jan. 29.

Received news by cable telegraph from our correspondent states that the matter remains under the consideration of the authorities, and further particulars are expected in due course. It is understood that the position is being closely watched and that the representatives of the several parties concerned are in consultation. Later advices indicate that a statement will be issued when the inquiries have been completed. The question has attracted considerable attention and opinion on the subject is divided.

ERZBERGER'S CONDITION CRITICAL.
Received Jan. 30, 11.50 p.m.
Berlin, Jan. 29.

Received news by cable telegraph from our correspondent states that the matter remains under the consideration of the authorities, and further particulars are expected in due course. It is understood that the position is being closely watched and that the representatives of the several parties concerned are in consultation. Later advices indicate that a statement will be issued when the inquiries have been completed. The question has attracted considerable attention and opinion on the subject is divided.

Received news by cable telegraph from our correspondent states that the matter remains under the consideration of the authorities, and further particulars are expected in due course. It is understood that the position is being closely watched and that the representatives of the several parties concerned are in consultation. Later advices indicate that a statement will be issued when the inquiries have been completed. The question has attracted considerable attention and opinion on the subject is divided.

GERMAN ADMIRAL RELEASED.
Received Jan. 30, 11.50 p.m.
London, Jan. 29.

Received news by cable telegraph from our correspondent states that the matter remains under the consideration of the authorities, and further particulars are expected in due course. It is understood that the position is being closely watched and that the representatives of the several parties concerned are in consultation. Later advices indicate that a statement will be issued when the inquiries have been completed. The question has attracted considerable attention and opinion on the subject is divided.

Received news by cable telegraph from our correspondent states that the matter remains under the consideration of the authorities, and further particulars are expected in due course. It is understood that the position is being closely watched and that the representatives of the several parties concerned are in consultation. Later advices indicate that a statement will be issued when the inquiries have been completed. The question has attracted considerable attention and opinion on the subject is divided.

CHINA & JAPAN.
PEACE TREATY PROBLEMS.
A SETTLEMENT ARRIVED AT.
Received Jan. 30, 10.15 p.m.
Tokio, Jan. 28.

Received news by cable telegraph from our correspondent states that the matter remains under the consideration of the authorities, and further particulars are expected in due course. It is understood that the position is being closely watched and that the representatives of the several parties concerned are in consultation. Later advices indicate that a statement will be issued when the inquiries have been completed. The question has attracted considerable attention and opinion on the subject is divided.

Received news by cable telegraph from our correspondent states that the matter remains under the consideration of the authorities, and further particulars are expected in due course. It is understood that the position is being closely watched and that the representatives of the several parties concerned are in consultation. Later advices indicate that a statement will be issued when the inquiries have been completed. The question has attracted considerable attention and opinion on the subject is divided.

Received news by cable telegraph from our correspondent states that the matter remains under the consideration of the authorities, and further particulars are expected in due course. It is understood that the position is being closely watched and that the representatives of the several parties concerned are in consultation. Later advices indicate that a statement will be issued when the inquiries have been completed. The question has attracted considerable attention and opinion on the subject is divided.

Received news by cable telegraph from our correspondent states that the matter remains under the consideration of the authorities, and further particulars are expected in due course. It is understood that the position is being closely watched and that the representatives of the several parties concerned are in consultation. Later advices indicate that a statement will be issued when the inquiries have been completed. The question has attracted considerable attention and opinion on the subject is divided.

"THE YEAR OF STRIKES."
AUSTRALIAN WORKERS' VIEWS.
Received Jan. 30, 11.5 p.m.
Sydney, Jan. 30.

Received news by cable telegraph from our correspondent states that the matter remains under the consideration of the authorities, and further particulars are expected in due course. It is understood that the position is being closely watched and that the representatives of the several parties concerned are in consultation. Later advices indicate that a statement will be issued when the inquiries have been completed. The question has attracted considerable attention and opinion on the subject is divided.

Received news by cable telegraph from our correspondent states that the matter remains under the consideration of the authorities, and further particulars are expected in due course. It is understood that the position is being closely watched and that the representatives of the several parties concerned are in consultation. Later advices indicate that a statement will be issued when the inquiries have been completed. The question has attracted considerable attention and opinion on the subject is divided.

Received news by cable telegraph from our correspondent states that the matter remains under the consideration of the authorities, and further particulars are expected in due course. It is understood that the position is being closely watched and that the representatives of the several parties concerned are in consultation. Later advices indicate that a statement will be issued when the inquiries have been completed. The question has attracted considerable attention and opinion on the subject is divided.

Received news by cable telegraph from our correspondent states that the matter remains under the consideration of the authorities, and further particulars are expected in due course. It is understood that the position is being closely watched and that the representatives of the several parties concerned are in consultation. Later advices indicate that a statement will be issued when the inquiries have been completed. The question has attracted considerable attention and opinion on the subject is divided.

LIQUOR IN PRIVATE HOTEL.
"CARGEN" PROPRIETOR CONVICTED.
Auckland, Last Night.

Received news by cable telegraph from our correspondent states that the matter remains under the consideration of the authorities, and further particulars are expected in due course. It is understood that the position is being closely watched and that the representatives of the several parties concerned are in consultation. Later advices indicate that a statement will be issued when the inquiries have been completed. The question has attracted considerable attention and opinion on the subject is divided.

AUSTRALIAN NEWS.
MANY INFORMAL VOTERS.
Received Jan. 30, 8.15 p.m.
Sydney, Jan. 30.

Received news by cable telegraph from our correspondent states that the matter remains under the consideration of the authorities, and further particulars are expected in due course. It is understood that the position is being closely watched and that the representatives of the several parties concerned are in consultation. Later advices indicate that a statement will be issued when the inquiries have been completed. The question has attracted considerable attention and opinion on the subject is divided.

DISASTER AVERTED.
EXPLOSIVES ON A RAILWAY.
Received Jan. 30, 10.15 p.m.
Paris, Jan. 28.

Received news by cable telegraph from our correspondent states that the matter remains under the consideration of the authorities, and further particulars are expected in due course. It is understood that the position is being closely watched and that the representatives of the several parties concerned are in consultation. Later advices indicate that a statement will be issued when the inquiries have been completed. The question has attracted considerable attention and opinion on the subject is divided.

Received news by cable telegraph from our correspondent states that the matter remains under the consideration of the authorities, and further particulars are expected in due course. It is understood that the position is being closely watched and that the representatives of the several parties concerned are in consultation. Later advices indicate that a statement will be issued when the inquiries have been completed. The question has attracted considerable attention and opinion on the subject is divided.

A FAMOUS STEAMER.
SALE OF THE RIVER CLYDE.
Received Jan. 30, 10.15 p.m.
London, Jan. 28.

Received news by cable telegraph from our correspondent states that the matter remains under the consideration of the authorities, and further particulars are expected in due course. It is understood that the position is being closely watched and that the representatives of the several parties concerned are in consultation. Later advices indicate that a statement will be issued when the inquiries have been completed. The question has attracted considerable attention and opinion on the subject is divided.

FIRES.
OUTBREAKS IN AUROA DISTRICT. A FACTORY DESTROYED.

Received news by cable telegraph from our correspondent states that the matter remains under the consideration of the authorities, and further particulars are expected in due course. It is understood that the position is being closely watched and that the representatives of the several parties concerned are in consultation. Later advices indicate that a statement will be issued when the inquiries have been completed. The question has attracted considerable attention and opinion on the subject is divided.

Received news by cable telegraph from our correspondent states that the matter remains under the consideration of the authorities, and further particulars are expected in due course. It is understood that the position is being closely watched and that the representatives of the several parties concerned are in consultation. Later advices indicate that a statement will be issued when the inquiries have been completed. The question has attracted considerable attention and opinion on the subject is divided.

Received news by cable telegraph from our correspondent states that the matter remains under the consideration of the authorities, and further particulars are expected in due course. It is understood that the position is being closely watched and that the representatives of the several parties concerned are in consultation. Later advices indicate that a statement will be issued when the inquiries have been completed. The question has attracted considerable attention and opinion on the subject is divided.

FATAL MOTOR SMASH.
CAR OVERTURNS ON A ROAD.
Christchurch, Last Night.

Received news by cable telegraph from our correspondent states that the matter remains under the consideration of the authorities, and further particulars are expected in due course. It is understood that the position is being closely watched and that the representatives of the several parties concerned are in consultation. Later advices indicate that a statement will be issued when the inquiries have been completed. The question has attracted considerable attention and opinion on the subject is divided.

Received news by cable telegraph from our correspondent states that the matter remains under the consideration of the authorities, and further particulars are expected in due course. It is understood that the position is being closely watched and that the representatives of the several parties concerned are in consultation. Later advices indicate that a statement will be issued when the inquiries have been completed. The question has attracted considerable attention and opinion on the subject is divided.

Received news by cable telegraph from our correspondent states that the matter remains under the consideration of the authorities, and further particulars are expected in due course. It is understood that the position is being closely watched and that the representatives of the several parties concerned are in consultation. Later advices indicate that a statement will be issued when the inquiries have been completed. The question has attracted considerable attention and opinion on the subject is divided.

IS IT MARS?
"SIGNALS NOT ACCIDENTAL."
MARCONI'S THEORY DISCUSSED.
Received Jan. 30, 8.15 p.m.
London, Jan. 29.

Received news by cable telegraph from our correspondent states that the matter remains under the consideration of the authorities, and further particulars are expected in due course. It is understood that the position is being closely watched and that the representatives of the several parties concerned are in consultation. Later advices indicate that a statement will be issued when the inquiries have been completed. The question has attracted considerable attention and opinion on the subject is divided.

Received news by cable telegraph from our correspondent states that the matter remains under the consideration of the authorities, and further particulars are expected in due course. It is understood that the position is being closely watched and that the representatives of the several parties concerned are in consultation. Later advices indicate that a statement will be issued when the inquiries have been completed. The question has attracted considerable attention and opinion on the subject is divided.

Received news by cable telegraph from our correspondent states that the matter remains under the consideration of the authorities, and further particulars are expected in due course. It is understood that the position is being closely watched and that the representatives of the several parties concerned are in consultation. Later advices indicate that a statement will be issued when the inquiries have been completed. The question has attracted considerable attention and opinion on the subject is divided.

Received news by cable telegraph from our correspondent states that the matter remains under the consideration of the authorities, and further particulars are expected in due course. It is understood that the position is being closely watched and that the representatives of the several parties concerned are in consultation. Later advices indicate that a statement will be issued when the inquiries have been completed. The question has attracted considerable attention and opinion on the subject is divided.

Received news by cable telegraph from our correspondent states that the matter remains under the consideration of the authorities, and further particulars are expected in due course. It is understood that the position is being closely watched and that the representatives of the several parties concerned are in consultation. Later advices indicate that a statement will be issued when the inquiries have been completed. The question has attracted considerable attention and opinion on the subject is divided.

Received news by cable telegraph from our correspondent states that the matter remains under the consideration of the authorities, and further particulars are expected in due course. It is understood that the position is being closely watched and that the representatives of the several parties concerned are in consultation. Later advices indicate that a statement will be issued when the inquiries have been completed. The question has attracted considerable attention and opinion on the subject is divided.

FACTS ABOUT THE PLANET. REMARKABLE DISCOVERIES.

Received news by cable telegraph from our correspondent states that the matter remains under the consideration of the authorities, and further particulars are expected in due course. It is understood that the position is being closely watched and that the representatives of the several parties concerned are in consultation. Later advices indicate that a statement will be issued when the inquiries have been completed. The question has attracted considerable attention and opinion on the subject is divided.

Received news by cable telegraph from our correspondent states that the matter remains under the consideration of the authorities, and further particulars are expected in due course. It is understood that the position is being closely watched and that the representatives of the several parties concerned are in consultation. Later advices indicate that a statement will be issued when the inquiries have been completed. The question has attracted considerable attention and opinion on the subject is divided.

Received news by cable telegraph from our correspondent states that the matter remains under the consideration of the authorities, and further particulars are expected in due course. It is understood that the position is being closely watched and that the representatives of the several parties concerned are in consultation. Later advices indicate that a statement will be issued when the inquiries have been completed. The question has attracted considerable attention and opinion on the subject is divided.

Received news by cable telegraph from our correspondent states that the matter remains under the consideration of the authorities, and further particulars are expected in due course. It is understood that the position is being closely watched and that the representatives of the several parties concerned are in consultation. Later advices indicate that a statement will be issued when the inquiries have been completed. The question has attracted considerable attention and opinion on the subject is divided.

Received news by cable telegraph from our correspondent states that the matter remains under the consideration of the authorities, and further particulars are expected in due course. It is understood that the position is being closely watched and that the representatives of the several parties concerned are in consultation. Later advices indicate that a statement will be issued when the inquiries have been completed. The question has attracted considerable attention and opinion on the subject is divided.

Received news by cable telegraph from our correspondent states that the matter remains under the consideration of the authorities, and further particulars are expected in due course. It is understood that the position is being closely watched and that the representatives of the several parties concerned are in consultation. Later advices indicate that a statement will be issued when the inquiries have been completed. The question has attracted considerable attention and opinion on the subject is divided.

Received news by cable telegraph from our correspondent states that the matter remains under the consideration of the authorities, and further particulars are expected in due course. It is understood that the position is being closely watched and that the representatives of the several parties concerned are in consultation. Later advices indicate that a statement will be issued when the inquiries have been completed. The question has attracted considerable attention and opinion on the subject is divided.

Received news by cable telegraph from our correspondent states that the matter remains under the consideration of the authorities, and further particulars are expected in due course. It is understood that the position is being closely watched and that the representatives of the several parties concerned are in consultation. Later advices indicate that a statement will be issued when the inquiries have been completed. The question has attracted considerable attention and opinion on the subject is divided.

Received news by cable telegraph from our correspondent states that the matter remains under the consideration of the authorities, and further particulars are expected in due course. It is understood that the position is being closely watched and that the representatives of the several parties concerned are in consultation. Later advices indicate that a statement will be issued when the inquiries have been completed. The question has attracted considerable attention and opinion on the subject is divided.

Received news by cable telegraph from our correspondent states that the matter remains under the consideration of the authorities, and further particulars are expected in due course. It is understood that the position is being closely watched and that the representatives of the several parties concerned are in consultation. Later advices indicate that a statement will be issued when the inquiries have been completed. The question has attracted considerable attention and opinion on the subject is divided.

Received news by cable telegraph from our correspondent states that the matter remains under the consideration of the authorities, and further particulars are expected in due course. It is understood that the position is being closely watched and that the representatives of the several parties concerned are in consultation. Later advices indicate that a statement will be issued when the inquiries have been completed. The question has attracted considerable attention and opinion on the subject is divided.

Received news by cable telegraph from our correspondent states that the matter remains under the consideration of the authorities, and further particulars are expected in due course. It is understood that the position is being closely watched and that the representatives of the several parties concerned are in consultation. Later advices indicate that a statement will be issued when the inquiries have been completed. The question has attracted considerable attention and opinion on the subject is divided.

U.S. AND PEACE.
SEEKING A COMPROMISE.
"LITTLE HOPE OF SUCCESS."
Received Jan. 30, 8.15 p.m.
New York, Jan. 29.

Received news by cable telegraph from our correspondent states that the matter remains under the consideration of the authorities, and further particulars are expected in due course. It is understood that the position is being closely watched and that the representatives of the several parties concerned are in consultation. Later advices indicate that a statement will be issued when the inquiries have been completed. The question has attracted considerable attention and opinion on the subject is divided.

Received news by cable telegraph from our correspondent states that the matter remains under the consideration of the authorities, and further particulars are expected in due course. It is understood that the position is being closely watched and that the representatives of the several parties concerned are in consultation. Later advices indicate that a statement will be issued when the inquiries have been completed. The question has attracted considerable attention and opinion on the subject is divided.

Received news by cable telegraph from our correspondent states that the matter remains under the consideration of the authorities, and further particulars are expected in due course. It is understood that the position is being closely watched and that the representatives of the several parties concerned are in consultation. Later advices indicate that a statement will be issued when the inquiries have been completed. The question has attracted considerable attention and opinion on the subject is divided.

Received news by cable telegraph from our correspondent states that the matter remains under the consideration of the authorities, and further particulars are expected in due course. It is understood that the position is being closely watched and that the representatives of the several parties concerned are in consultation. Later advices indicate that a statement will be issued when the inquiries have been completed. The question has attracted considerable attention and opinion on the subject is divided.

Received news by cable telegraph from our correspondent states that the matter remains under the consideration of the authorities, and further particulars are expected in due course. It is understood that the position is being closely watched and that the representatives of the several parties concerned are in consultation. Later advices indicate that a statement will be issued when the inquiries have been completed. The question has attracted considerable attention and opinion on the subject is divided.

WELLINGTON TOPICS
THE MINING DISPUTE. SHORTAGE OF COAL.
(Special Correspondent.)
Wellington, Jan. 28.

Received news by cable telegraph from our correspondent states that the matter remains under the consideration of the authorities, and further particulars are expected in due course. It is understood that the position is being closely watched and that the representatives of the several parties concerned are in consultation. Later advices indicate that a statement will be issued when the inquiries have been completed. The question has attracted considerable attention and opinion on the subject is divided.

Received news by cable telegraph from our correspondent states that the matter remains under the consideration of the authorities, and further particulars are expected in due course. It is understood that the position is being closely watched and that the representatives of the several parties concerned are in consultation. Later advices indicate that a statement will be issued when the inquiries have been completed. The question has attracted considerable attention and opinion on the subject is divided.

Received news by cable telegraph from our correspondent states that the matter remains under the consideration of the authorities, and further particulars are expected in due course. It is understood that the position is being closely watched and that the representatives of the several parties concerned are in consultation. Later advices indicate that a statement will be issued when the inquiries have been completed. The question has attracted considerable attention and opinion on the subject is divided.

APPEAL TO THE GOVERNMENT.

Received news by cable telegraph from our correspondent states that the matter remains under the consideration of the authorities, and further particulars are expected in due course. It is understood that the position is being closely watched and that the representatives of the several parties concerned are in consultation. Later advices indicate that a statement will be issued when the inquiries have been completed. The question has attracted considerable attention and opinion on the subject is divided.

Received news by cable telegraph from our correspondent states that the matter remains under the consideration of the authorities, and further particulars are expected in due course. It is understood that the position is being closely watched and that the representatives of the several parties concerned are in consultation. Later advices indicate that a statement will be issued when the inquiries have been completed. The question has attracted considerable attention and opinion on the subject is divided.

Received news by cable telegraph from our correspondent states that the matter remains under the consideration of the authorities, and further particulars are expected in due course. It is understood that the position is being closely watched and that the representatives of the several parties concerned are in consultation. Later advices indicate that a statement will be issued when the inquiries have been completed. The question has attracted considerable attention and opinion on the subject is divided.

WATCHING DEVELOPMENTS.

Received news by cable telegraph from our correspondent states that the matter remains under the consideration of the authorities, and further particulars are expected in due course. It is understood that the position is being closely watched and that the representatives of the several parties concerned are in consultation. Later advices indicate that a statement will be issued when the inquiries have been completed. The question has attracted considerable attention and opinion on the subject is divided.

Received news by cable telegraph from our correspondent states that the matter remains under the consideration of the authorities, and further particulars are expected in due course. It is understood that the position is being closely watched and that the representatives of the several parties concerned are in consultation. Later advices indicate that a statement will be issued when the inquiries have been completed. The question has attracted considerable attention and opinion on the subject is divided.

Received news by cable telegraph from our correspondent states that the matter remains under the consideration of the authorities, and further particulars are expected in due course. It is understood that the position is being closely watched and that the representatives of the several parties concerned are in consultation. Later advices indicate that a statement will be issued when the inquiries have been completed. The question has attracted considerable attention and opinion on the subject is divided.

THE OUTLOOK.

Received news by cable telegraph from our correspondent states that the matter remains under the consideration of the authorities, and further particulars are expected in due course. It is understood that the position is being closely watched and that the representatives of the several parties concerned are in consultation. Later advices indicate that a statement will be issued when the inquiries have been completed. The question has attracted considerable attention and opinion on the subject is divided.

Received news by cable telegraph from our correspondent states that the matter remains under the consideration of the authorities, and further particulars are expected in due course. It is understood that the position is being closely watched and that the representatives of the several parties concerned are in consultation. Later advices indicate that a statement will be issued when the inquiries have been completed. The question has attracted considerable attention and opinion on the subject is divided.

ENTERTAINMENTS.
THE PEOPLE'S.

Received news by cable telegraph from our correspondent states that the matter remains under the consideration of the authorities, and further particulars are expected in due course. It is understood that the position is being closely watched and that the representatives of the several parties concerned are in consultation. Later advices indicate that a statement will be issued when the inquiries have been completed. The question has attracted considerable attention and opinion on the subject is divided.

Received news by cable telegraph from our correspondent states that the matter remains under the consideration of the authorities, and further particulars are expected in due course. It is understood that the position is being closely watched and that the representatives of the several parties concerned are in consultation. Later advices indicate that a statement will be issued when the inquiries have been completed. The question has attracted considerable attention and opinion on the subject is divided.

THE MINERS' DISPUTE.
PROPOSED NEW CONFERENCE. VIEWS OF MEN'S SECRETARY.
Wellington, Jan. 30.

Received news by cable telegraph from our correspondent states that the matter remains under the consideration of the authorities, and further particulars are expected in due course. It is understood that the position is being closely watched and that the representatives of the several parties concerned are in consultation. Later advices indicate that a statement will be issued when the inquiries have been completed. The question has attracted considerable attention and opinion on the subject is divided.

Received news by cable telegraph from our correspondent states that the matter remains under the consideration of the authorities, and further particulars are expected in due course. It is understood that the position is being closely watched and that the representatives of the several parties concerned are in consultation. Later advices indicate that a statement will be issued when the inquiries have been completed. The question has attracted considerable attention and opinion on the subject is divided.

COAL AVAILABLE. TOTAL OF FOREIGN SUPPLIES.
Wellington, Jan. 30.

Received news by cable telegraph from our correspondent states that the matter remains under the consideration of the authorities, and further particulars are expected in due course. It is understood that the position is being closely watched and that the representatives of the several parties concerned are in consultation. Later advices indicate that a statement will be issued when the inquiries have been completed. The question has attracted considerable attention and opinion on the subject is divided.

Received news by cable telegraph from our correspondent states that the matter remains under the consideration of the authorities, and further particulars are expected in due course. It is understood that the position is being closely watched and that the representatives of the several parties concerned are in consultation. Later advices indicate that a statement will be issued when the inquiries have been completed. The question has attracted considerable attention and opinion on the subject is divided.

Received news by cable telegraph from our correspondent states that the matter remains under the consideration of the authorities, and further particulars are expected in due course. It is understood that the position is being closely watched and that the representatives of the several parties concerned are in consultation. Later advices indicate that a statement will be issued when the inquiries have been completed. The question has attracted considerable attention and opinion on the subject is divided.

A MOVE LIKELY NEXT WEEK. (From Our Own Correspondent.)
Wellington, Jan. 29.

Received news by cable telegraph from our correspondent states that the matter remains under the consideration of the authorities, and further particulars are expected in due course. It is understood that the position is being closely watched and that the representatives of the several parties concerned are in consultation. Later advices indicate that a statement will be issued when the inquiries have been completed. The question has attracted considerable attention and opinion on the subject is divided.

Received news by cable telegraph from our correspondent states that the matter remains under the consideration of the authorities, and further particulars are expected in due course. It is understood that the position is being closely watched and that the representatives of the several parties concerned are in consultation. Later advices indicate that a statement will be issued when the inquiries have been completed. The question has attracted considerable attention and opinion on the subject is divided.

Received news by cable telegraph from our correspondent states that the matter remains under the consideration of the authorities, and further particulars are expected in due course. It is understood that the position is being closely watched and that the representatives of the several parties concerned are in consultation. Later advices indicate that a statement will be issued when the inquiries have been completed. The question has attracted considerable attention and opinion on the subject is divided.

Received news by cable telegraph from our correspondent states that the matter remains under the consideration of the authorities, and further particulars are expected in due course. It is understood that the position is being closely watched and that the representatives of the several parties concerned are in consultation. Later advices indicate that a statement will be issued when the inquiries have been completed. The question has attracted considerable attention and opinion on the subject is divided.

Received news by cable telegraph from our correspondent states that the matter remains under the consideration of the authorities, and further particulars are expected in due course. It is understood that the position is being closely watched and that the representatives of the several parties concerned are in consultation. Later advices indicate that a statement will be issued when the inquiries have been completed. The question has attracted considerable attention and opinion on the subject is divided.

Received news by cable telegraph from our correspondent states that the matter remains under the consideration of the authorities, and further particulars are expected in due course. It is understood that the position is being closely watched and that the representatives of the several parties concerned are in consultation. Later advices indicate that a statement will be issued when the inquiries have been completed. The question has attracted considerable attention and opinion on the subject is divided.

Received news by cable telegraph from our correspondent states that the matter remains under the consideration of the authorities, and further particulars are expected in due course. It is understood that the position is being closely watched and that the representatives of the several parties concerned are in consultation. Later advices indicate that a statement will be issued when the inquiries have been completed. The question has attracted considerable attention and opinion on the subject is divided.

SOLDIERS DISSATISFIED.
MINISTER'S APATHY SUGGESTED.
Wellington, Last Night.

Received news by cable telegraph from our correspondent states that the matter remains under the consideration of the authorities, and further particulars are expected in due course. It is understood that the position is being closely watched and that the representatives of the several parties concerned are in consultation. Later advices indicate that a statement will be issued when the inquiries have been completed. The question has attracted considerable attention and opinion on the subject is divided.

Received news by cable telegraph from our correspondent states that the matter remains under the consideration of the authorities, and further particulars are expected in due course. It is understood that the position is being closely watched and that the representatives of the several parties concerned are in consultation. Later advices indicate that a statement will be issued when the inquiries have been completed. The question has attracted considerable attention and opinion on the subject is divided.

Received news by cable telegraph from our correspondent states that the matter remains under the consideration of the authorities, and further particulars are expected in due course. It is understood that the position is being closely watched and that the representatives of the several parties concerned are in consultation. Later advices indicate that a statement will be issued when the inquiries have been completed. The question has attracted considerable attention and opinion on the subject is divided.

Received news by cable telegraph from our correspondent states that the matter remains under the consideration of the authorities, and further particulars are expected in due course. It is understood that the position is being closely watched and that the representatives of the several parties concerned are in consultation. Later advices indicate that a statement will be issued when the inquiries have been completed. The question has attracted considerable attention and opinion on the subject is divided.

Received news by cable telegraph from our correspondent states that the matter remains under the consideration of the authorities, and further particulars are expected in due course. It is understood that the position is being closely watched and that the representatives of the several parties concerned are in consultation. Later advices indicate that a statement will be issued when the inquiries have been completed. The question has attracted considerable attention and opinion on the subject is divided.

Received news by cable telegraph from our correspondent states that the matter remains under the consideration of the authorities, and further particulars are expected in due course. It is understood that the position is being closely watched and that the representatives of the several parties concerned are in consultation. Later advices indicate that a statement will be issued when the inquiries have been completed. The question has attracted considerable attention and opinion on the subject is divided.

Received news by cable telegraph from our correspondent states that the matter remains under the consideration of the authorities, and further particulars are expected in due course. It is understood that the position is being closely watched and that the representatives of the several parties concerned are in consultation. Later advices indicate that a statement will be issued when the inquiries have been completed. The question has attracted considerable attention and opinion on the subject is divided.
